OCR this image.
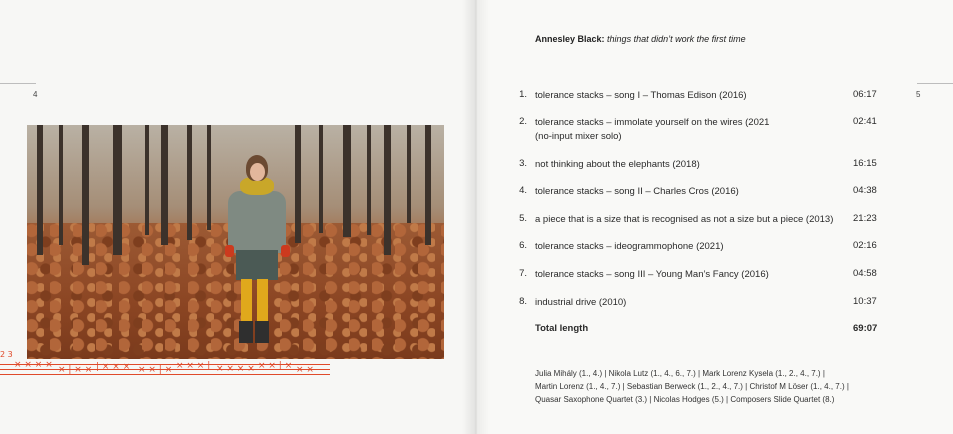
4	5
2 3
× × × × × | × × | × × × × × | × × × × | × × × × × × | × × ×
Annesley Black: things that didn’t work the first time
1. tolerance stacks – song I – Thomas Edison (2016)	06:17
2. tolerance stacks – immolate yourself on the wires (2021
(no-input mixer solo)
02:41
3. not thinking about the elephants (2018)	16:15
4. tolerance stacks – song II – Charles Cros (2016)	04:38
5. a piece that is a size that is recognised as not a size but a piece (2013)	21:23
6. tolerance stacks – ideogrammophone (2021)	02:16
7. tolerance stacks – song III – Young Man’s Fancy (2016)	04:58
8. industrial drive (2010)	10:37
Total length	69:07
Julia Mihály (1., 4.) | Nikola Lutz (1., 4., 6., 7.) | Mark Lorenz Kysela (1., 2., 4., 7.) |
Martin Lorenz (1., 4., 7.) | Sebastian Berweck (1., 2., 4., 7.) | Christof M Löser (1., 4., 7.) |
Quasar Saxophone Quartet (3.) | Nicolas Hodges (5.) | Composers Slide Quartet (8.)
